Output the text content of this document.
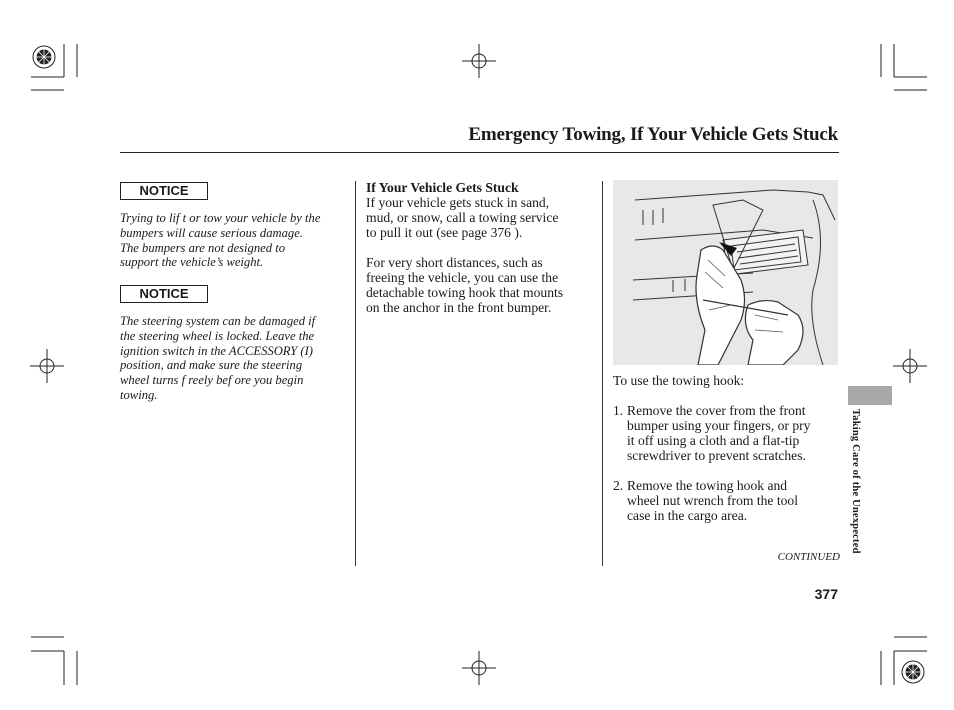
Emergency Towing, If Your Vehicle Gets Stuck
NOTICE
Trying to lif t or tow your vehicle by the
bumpers will cause serious damage.
The bumpers are not designed to
support the vehicle’s weight.
NOTICE
The steering system can be damaged if
the steering wheel is locked. Leave the
ignition switch in the ACCESSORY (I)
position, and make sure the steering
wheel turns f reely bef ore you begin
towing.
If Your Vehicle Gets Stuck
If your vehicle gets stuck in sand,
mud, or snow, call a towing service
to pull it out (see page 376 ).
For very short distances, such as
freeing the vehicle, you can use the
detachable towing hook that mounts
on the anchor in the front bumper.
To use the towing hook:
1. Remove the cover from the front
bumper using your fingers, or pry
it off using a cloth and a flat-tip
screwdriver to prevent scratches.
2. Remove the towing hook and
wheel nut wrench from the tool
case in the cargo area.
CONTINUED
377
Taking Care of the Unexpected
